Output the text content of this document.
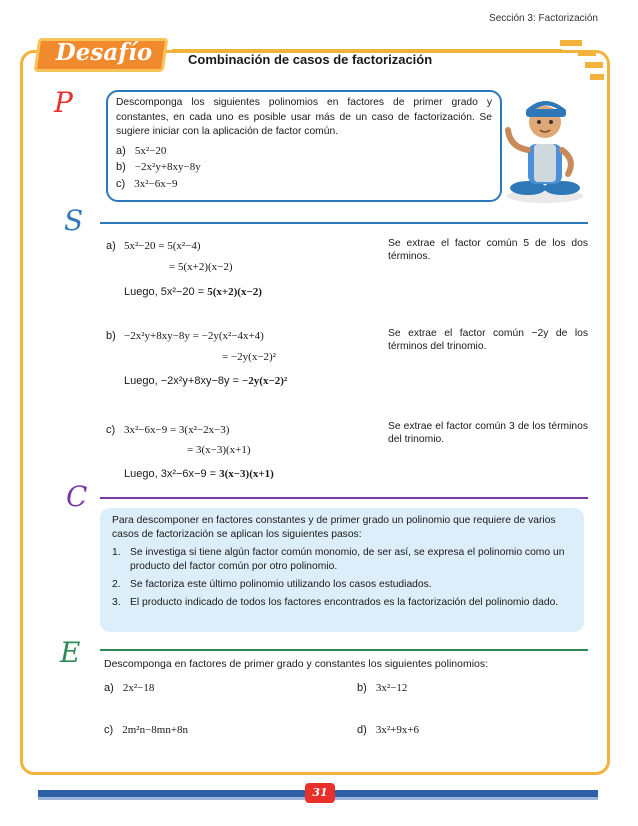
Sección 3: Factorización
Desafío	Combinación de casos de factorización
P	Descomponga los siguientes polinomios en factores de primer grado y constantes, en cada uno es posible usar más de un caso de factorización. Se sugiere iniciar con la aplicación de factor común.
a) 5x²−20
b) −2x²y+8xy−8y
c) 3x²−6x−9
S
a) 5x²−20 = 5(x²−4)
= 5(x+2)(x−2)
Luego, 5x²−20 = 5(x+2)(x−2)
Se extrae el factor común 5 de los dos términos.
b) −2x²y+8xy−8y = −2y(x²−4x+4)
= −2y(x−2)²
Luego, −2x²y+8xy−8y = −2y(x−2)²
Se extrae el factor común −2y de los términos del trinomio.
c) 3x²−6x−9 = 3(x²−2x−3)
= 3(x−3)(x+1)
Luego, 3x²−6x−9 = 3(x−3)(x+1)
Se extrae el factor común 3 de los términos del trinomio.
C
Para descomponer en factores constantes y de primer grado un polinomio que requiere de varios casos de factorización se aplican los siguientes pasos:
1. Se investiga si tiene algún factor común monomio, de ser así, se expresa el polinomio como un producto del factor común por otro polinomio.
2. Se factoriza este último polinomio utilizando los casos estudiados.
3. El producto indicado de todos los factores encontrados es la factorización del polinomio dado.
E Descomponga en factores de primer grado y constantes los siguientes polinomios:
a) 2x²−18	b) 3x²−12
c) 2m²n−8mn+8n	d) 3x²+9x+6
31
